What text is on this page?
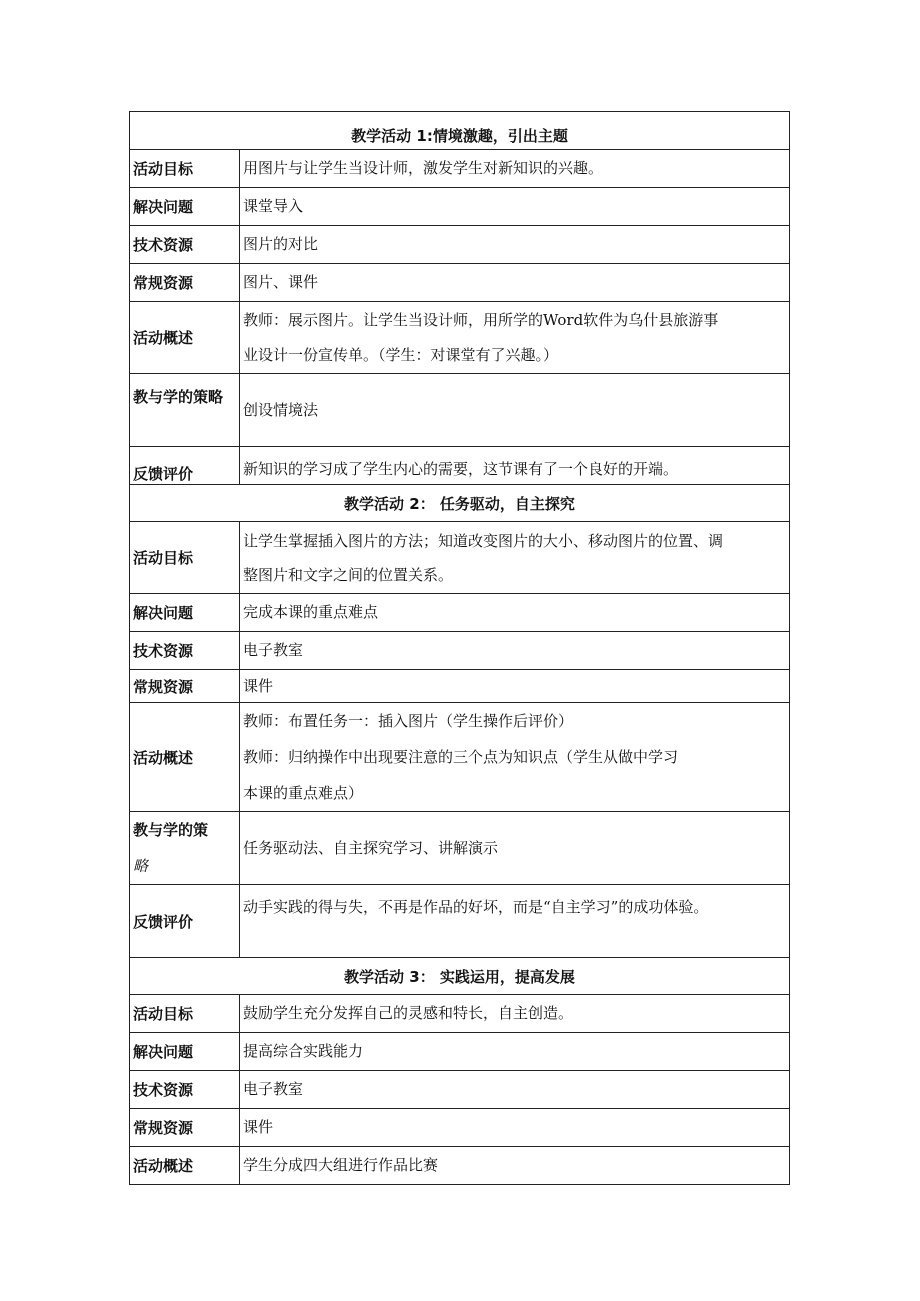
教学活动 1:情境激趣，引出主题	
活动目标	用图片与让学生当设计师，激发学生对新知识的兴趣。

解决问题	课堂导入

技术资源	图片的对比

常规资源	图片、课件

活动概述	教师：展示图片。让学生当设计师，用所学的Word软件为乌什县旅游事
业设计一份宣传单。（学生：对课堂有了兴趣。）

教与学的策略	创设情境法

反馈评价	新知识的学习成了学生内心的需要，这节课有了一个良好的开端。

教学活动 2： 任务驱动，自主探究	
活动目标	让学生掌握插入图片的方法；知道改变图片的大小、移动图片的位置、调
整图片和文字之间的位置关系。

解决问题	完成本课的重点难点

技术资源	电子教室

常规资源	课件

活动概述	教师：布置任务一：插入图片（学生操作后评价）
教师：归纳操作中出现要注意的三个点为知识点（学生从做中学习
本课的重点难点）

教与学的策
略	任务驱动法、自主探究学习、讲解演示

反馈评价	动手实践的得与失，不再是作品的好坏，而是“自主学习”的成功体验。

教学活动 3： 实践运用，提高发展	
活动目标	鼓励学生充分发挥自己的灵感和特长，自主创造。

解决问题	提高综合实践能力

技术资源	电子教室

常规资源	课件

活动概述	学生分成四大组进行作品比赛
